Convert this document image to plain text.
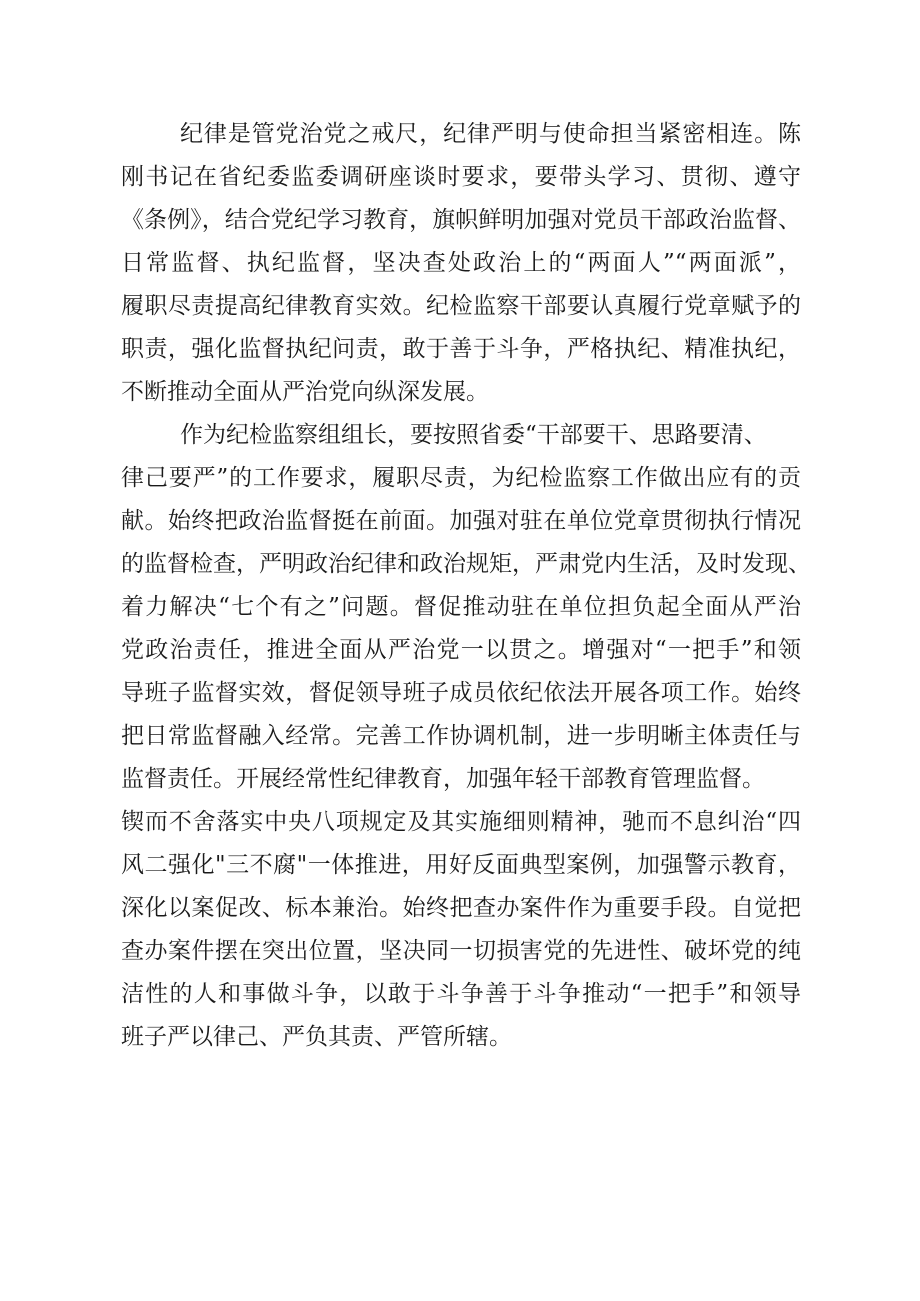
纪律是管党治党之戒尺，纪律严明与使命担当紧密相连。陈

刚书记在省纪委监委调研座谈时要求，要带头学习、贯彻、遵守

《条例》，结合党纪学习教育，旗帜鲜明加强对党员干部政治监督、

日常监督、执纪监督，坚决查处政治上的“两面人”“两面派”，

履职尽责提高纪律教育实效。纪检监察干部要认真履行党章赋予的

职责，强化监督执纪问责，敢于善于斗争，严格执纪、精准执纪，

不断推动全面从严治党向纵深发展。

作为纪检监察组组长，要按照省委“干部要干、思路要清、

律己要严”的工作要求，履职尽责，为纪检监察工作做出应有的贡

献。始终把政治监督挺在前面。加强对驻在单位党章贯彻执行情况

的监督检查，严明政治纪律和政治规矩，严肃党内生活，及时发现、

着力解决“七个有之”问题。督促推动驻在单位担负起全面从严治

党政治责任，推进全面从严治党一以贯之。增强对“一把手”和领

导班子监督实效，督促领导班子成员依纪依法开展各项工作。始终

把日常监督融入经常。完善工作协调机制，进一步明晰主体责任与

监督责任。开展经常性纪律教育，加强年轻干部教育管理监督。

锲而不舍落实中央八项规定及其实施细则精神，驰而不息纠治“四

风二强化"三不腐"一体推进，用好反面典型案例，加强警示教育，

深化以案促改、标本兼治。始终把查办案件作为重要手段。自觉把

查办案件摆在突出位置，坚决同一切损害党的先进性、破坏党的纯

洁性的人和事做斗争，以敢于斗争善于斗争推动“一把手”和领导

班子严以律己、严负其责、严管所辖。
